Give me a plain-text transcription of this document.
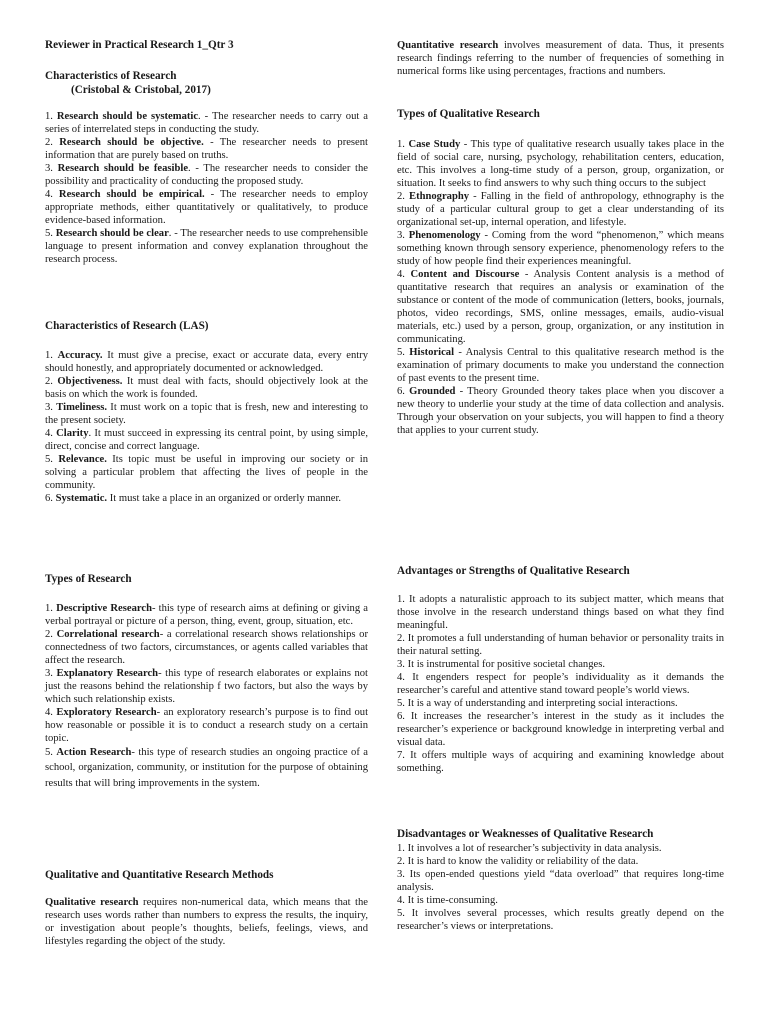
Reviewer in Practical Research 1_Qtr 3

Characteristics of Research

(Cristobal & Cristobal, 2017)

1. Research should be systematic. - The researcher needs to carry out a series of interrelated steps in conducting the study.

2. Research should be objective. - The researcher needs to present information that are purely based on truths.

3. Research should be feasible. - The researcher needs to consider the possibility and practicality of conducting the proposed study.

4. Research should be empirical. - The researcher needs to employ appropriate methods, either quantitatively or qualitatively, to produce evidence-based information.

5. Research should be clear. - The researcher needs to use comprehensible language to present information and convey explanation throughout the research process.

Characteristics of Research (LAS)

1. Accuracy. It must give a precise, exact or accurate data, every entry should honestly, and appropriately documented or acknowledged.

2. Objectiveness. It must deal with facts, should objectively look at the basis on which the work is founded.

3. Timeliness. It must work on a topic that is fresh, new and interesting to the present society.

4. Clarity. It must succeed in expressing its central point, by using simple, direct, concise and correct language.

5. Relevance. Its topic must be useful in improving our society or in solving a particular problem that affecting the lives of people in the community.

6. Systematic. It must take a place in an organized or orderly manner.

Types of Research

1. Descriptive Research- this type of research aims at defining or giving a verbal portrayal or picture of a person, thing, event, group, situation, etc.

2. Correlational research- a correlational research shows relationships or connectedness of two factors, circumstances, or agents called variables that affect the research.

3. Explanatory Research- this type of research elaborates or explains not just the reasons behind the relationship f two factors, but also the ways by which such relationship exists.

4. Exploratory Research- an exploratory research’s purpose is to find out how reasonable or possible it is to conduct a research study on a certain topic.

5. Action Research- this type of research studies an ongoing practice of a school, organization, community, or institution for the purpose of obtaining results that will bring improvements in the system.

Qualitative and Quantitative Research Methods

Qualitative research requires non-numerical data, which means that the research uses words rather than numbers to express the results, the inquiry, or investigation about people’s thoughts, beliefs, feelings, views, and lifestyles regarding the object of the study.

Quantitative research involves measurement of data. Thus, it presents research findings referring to the number of frequencies of something in numerical forms like using percentages, fractions and numbers.

Types of Qualitative Research

1. Case Study - This type of qualitative research usually takes place in the field of social care, nursing, psychology, rehabilitation centers, education, etc. This involves a long-time study of a person, group, organization, or situation. It seeks to find answers to why such thing occurs to the subject

2. Ethnography - Falling in the field of anthropology, ethnography is the study of a particular cultural group to get a clear understanding of its organizational set-up, internal operation, and lifestyle.

3. Phenomenology - Coming from the word “phenomenon,” which means something known through sensory experience, phenomenology refers to the study of how people find their experiences meaningful.

4. Content and Discourse - Analysis Content analysis is a method of quantitative research that requires an analysis or examination of the substance or content of the mode of communication (letters, books, journals, photos, video recordings, SMS, online messages, emails, audio-visual materials, etc.) used by a person, group, organization, or any institution in communicating.

5. Historical - Analysis Central to this qualitative research method is the examination of primary documents to make you understand the connection of past events to the present time.

6. Grounded - Theory Grounded theory takes place when you discover a new theory to underlie your study at the time of data collection and analysis. Through your observation on your subjects, you will happen to find a theory that applies to your current study.

Advantages or Strengths of Qualitative Research

1. It adopts a naturalistic approach to its subject matter, which means that those involve in the research understand things based on what they find meaningful.

2. It promotes a full understanding of human behavior or personality traits in their natural setting.

3. It is instrumental for positive societal changes.

4. It engenders respect for people’s individuality as it demands the researcher’s careful and attentive stand toward people’s world views.

5. It is a way of understanding and interpreting social interactions.

6. It increases the researcher’s interest in the study as it includes the researcher’s experience or background knowledge in interpreting verbal and visual data.

7. It offers multiple ways of acquiring and examining knowledge about something.

Disadvantages or Weaknesses of Qualitative Research

1. It involves a lot of researcher’s subjectivity in data analysis.

2. It is hard to know the validity or reliability of the data.

3. Its open-ended questions yield “data overload” that requires long-time analysis.

4. It is time-consuming.

5. It involves several processes, which results greatly depend on the researcher’s views or interpretations.
